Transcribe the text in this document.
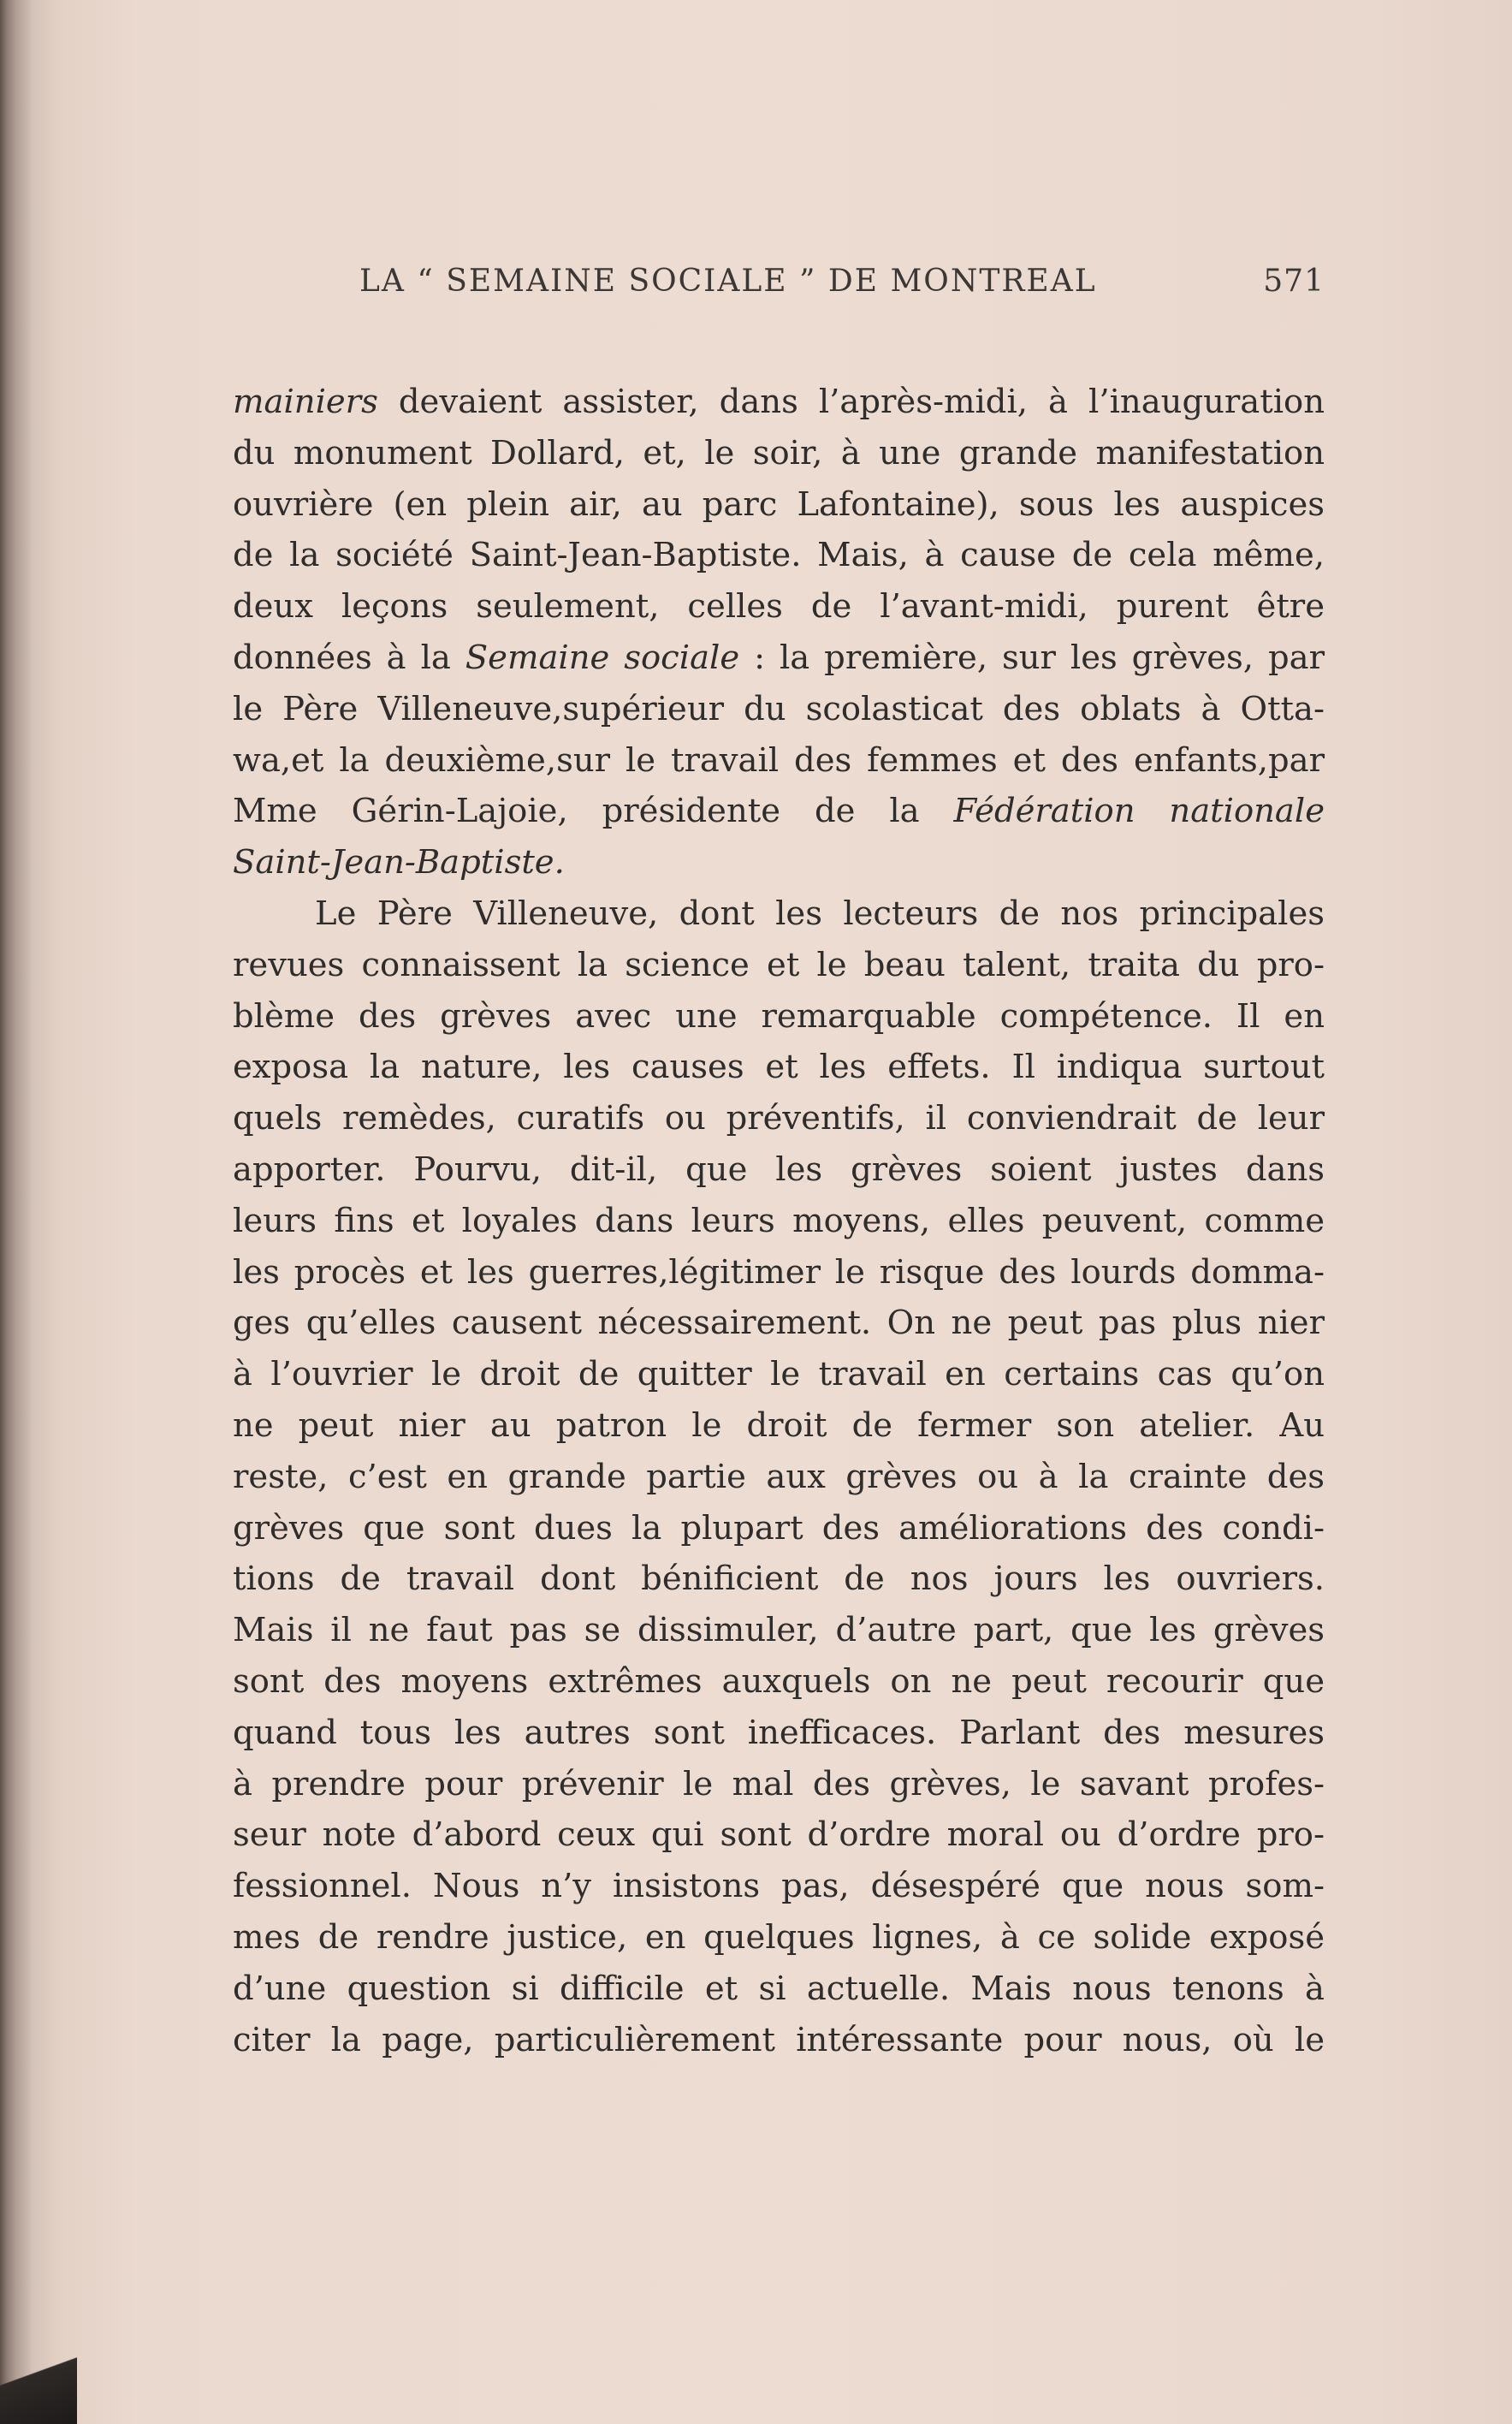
LA “ SEMAINE SOCIALE ” DE MONTREAL	571
mainiers devaient assister, dans l’après-midi, à l’inauguration
du monument Dollard, et, le soir, à une grande manifestation
ouvrière (en plein air, au parc Lafontaine), sous les auspices
de la société Saint-Jean-Baptiste. Mais, à cause de cela même,
deux leçons seulement, celles de l’avant-midi, purent être
données à la Semaine sociale : la première, sur les grèves, par
le Père Villeneuve,supérieur du scolasticat des oblats à Otta-
wa,et la deuxième,sur le travail des femmes et des enfants,par
Mme Gérin-Lajoie, présidente de la Fédération nationale
Saint-Jean-Baptiste.
Le Père Villeneuve, dont les lecteurs de nos principales
revues connaissent la science et le beau talent, traita du pro-
blème des grèves avec une remarquable compétence. Il en
exposa la nature, les causes et les effets. Il indiqua surtout
quels remèdes, curatifs ou préventifs, il conviendrait de leur
apporter. Pourvu, dit-il, que les grèves soient justes dans
leurs fins et loyales dans leurs moyens, elles peuvent, comme
les procès et les guerres,légitimer le risque des lourds domma-
ges qu’elles causent nécessairement. On ne peut pas plus nier
à l’ouvrier le droit de quitter le travail en certains cas qu’on
ne peut nier au patron le droit de fermer son atelier. Au
reste, c’est en grande partie aux grèves ou à la crainte des
grèves que sont dues la plupart des améliorations des condi-
tions de travail dont bénificient de nos jours les ouvriers.
Mais il ne faut pas se dissimuler, d’autre part, que les grèves
sont des moyens extrêmes auxquels on ne peut recourir que
quand tous les autres sont inefficaces. Parlant des mesures
à prendre pour prévenir le mal des grèves, le savant profes-
seur note d’abord ceux qui sont d’ordre moral ou d’ordre pro-
fessionnel. Nous n’y insistons pas, désespéré que nous som-
mes de rendre justice, en quelques lignes, à ce solide exposé
d’une question si difficile et si actuelle. Mais nous tenons à
citer la page, particulièrement intéressante pour nous, où le
